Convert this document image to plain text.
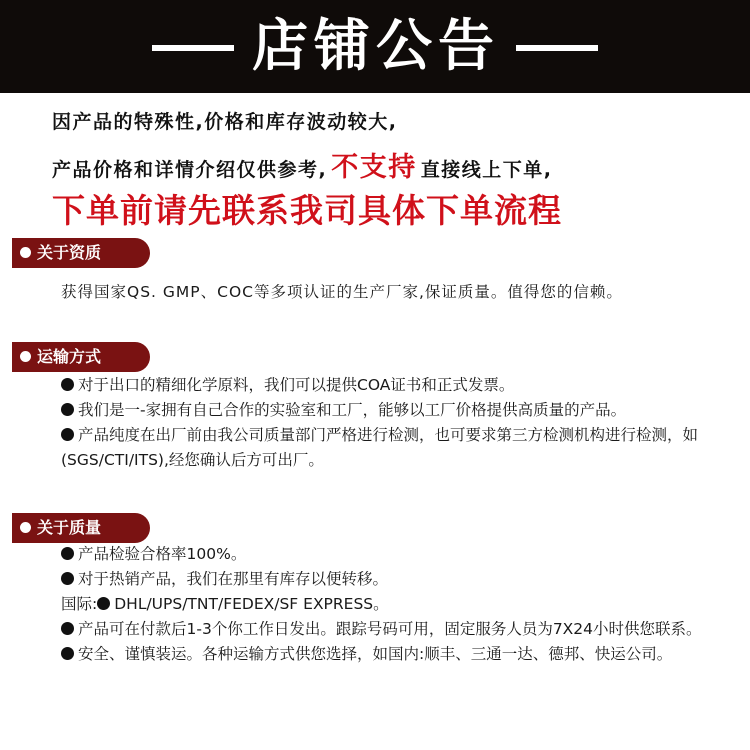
店铺公告
因产品的特殊性,价格和库存波动较大,
产品价格和详情介绍仅供参考, 不支持 直接线上下单,
下单前请先联系我司具体下单流程
关于资质
获得国家QS. GMP、COC等多项认证的生产厂家,保证质量。值得您的信赖。
运输方式

对于出口的精细化学原料，我们可以提供COA证书和正式发票。

我们是一-家拥有自己合作的实验室和工厂，能够以工厂价格提供高质量的产品。

产品纯度在出厂前由我公司质量部门严格进行检测，也可要求第三方检测机构进行检测，如(SGS/CTI/ITS),经您确认后方可出厂。

关于质量

产品检验合格率100%。

对于热销产品，我们在那里有库存以便转移。

国际: DHL/UPS/TNT/FEDEX/SF EXPRESS。

产品可在付款后1-3个你工作日发出。跟踪号码可用，固定服务人员为7X24小时供您联系。

安全、谨慎装运。各种运输方式供您选择，如国内:顺丰、三通一达、德邦、快运公司。
